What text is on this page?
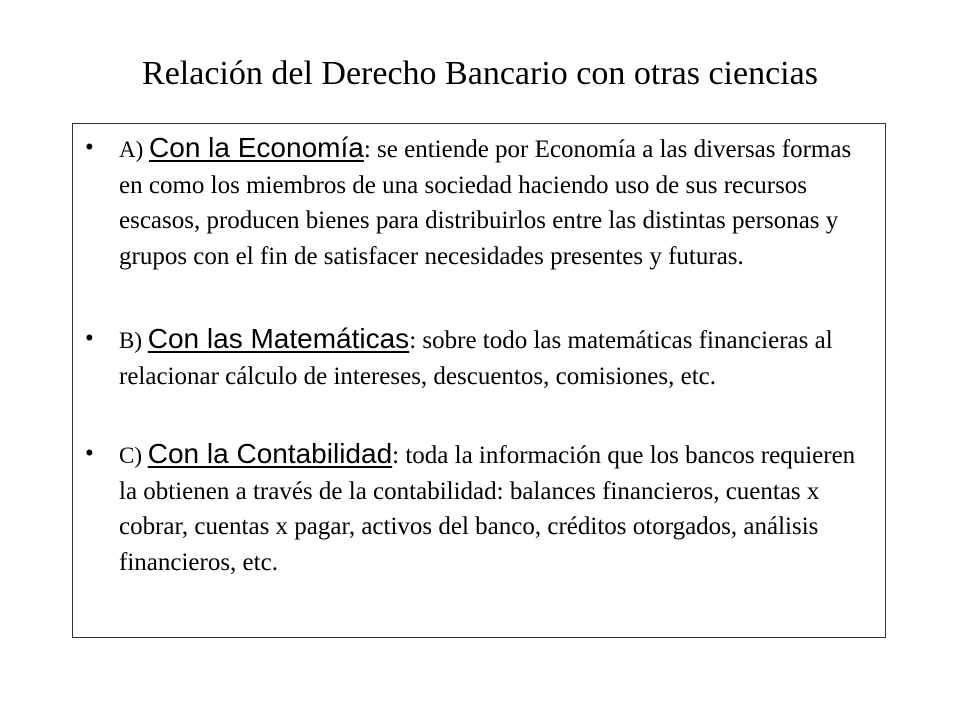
Relación del Derecho Bancario con otras ciencias
• A) Con la Economía: se entiende por Economía a las diversas formas en como los miembros de una sociedad haciendo uso de sus recursos escasos, producen bienes para distribuirlos entre las distintas personas y grupos con el fin de satisfacer necesidades presentes y futuras.
• B) Con las Matemáticas: sobre todo las matemáticas financieras al relacionar cálculo de intereses, descuentos, comisiones, etc.
• C) Con la Contabilidad: toda la información que los bancos requieren la obtienen a través de la contabilidad: balances financieros, cuentas x cobrar, cuentas x pagar, activos del banco, créditos otorgados, análisis financieros, etc.
